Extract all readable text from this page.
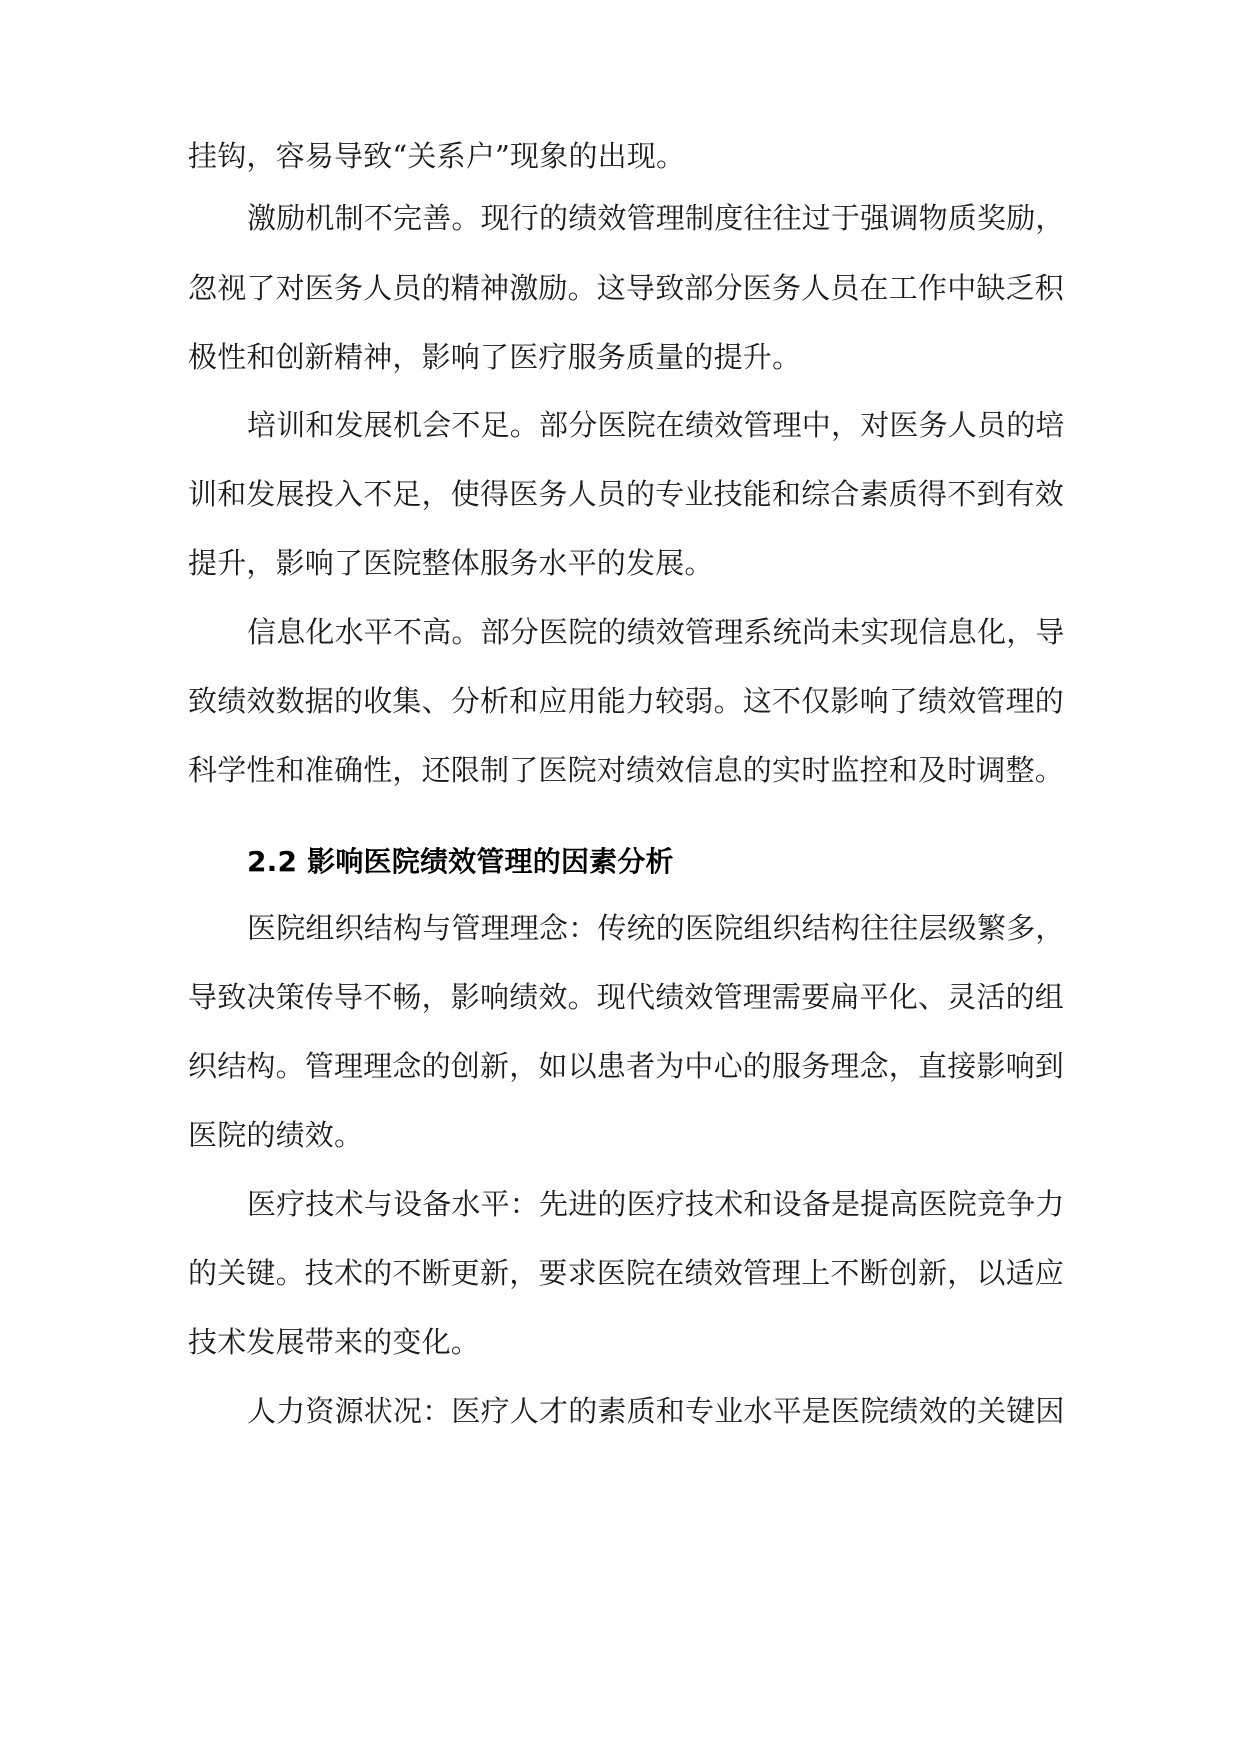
挂钩，容易导致“关系户”现象的出现。
激励机制不完善。现行的绩效管理制度往往过于强调物质奖励，
忽视了对医务人员的精神激励。这导致部分医务人员在工作中缺乏积
极性和创新精神，影响了医疗服务质量的提升。
培训和发展机会不足。部分医院在绩效管理中，对医务人员的培
训和发展投入不足，使得医务人员的专业技能和综合素质得不到有效
提升，影响了医院整体服务水平的发展。
信息化水平不高。部分医院的绩效管理系统尚未实现信息化，导
致绩效数据的收集、分析和应用能力较弱。这不仅影响了绩效管理的
科学性和准确性，还限制了医院对绩效信息的实时监控和及时调整。
2.2 影响医院绩效管理的因素分析
医院组织结构与管理理念：传统的医院组织结构往往层级繁多，
导致决策传导不畅，影响绩效。现代绩效管理需要扁平化、灵活的组
织结构。管理理念的创新，如以患者为中心的服务理念，直接影响到
医院的绩效。
医疗技术与设备水平：先进的医疗技术和设备是提高医院竞争力
的关键。技术的不断更新，要求医院在绩效管理上不断创新，以适应
技术发展带来的变化。
人力资源状况：医疗人才的素质和专业水平是医院绩效的关键因
